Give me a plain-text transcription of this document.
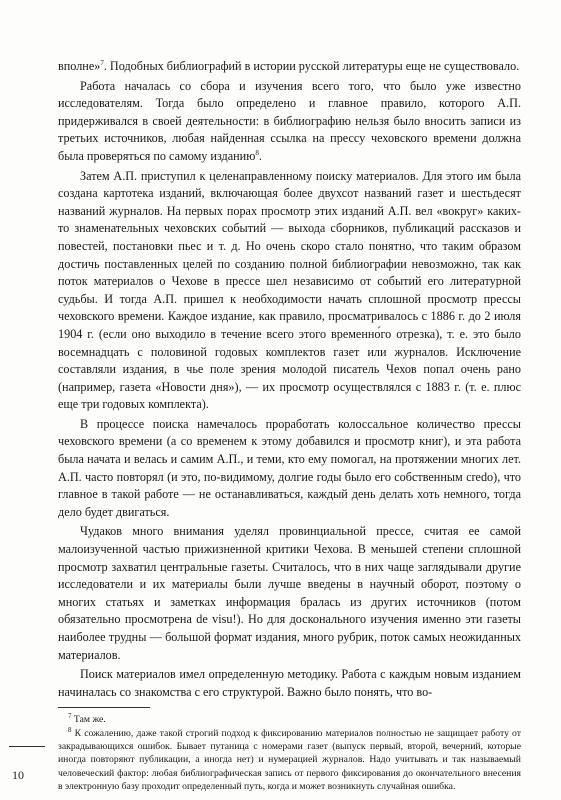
вполне»$^7$. Подобных библиографий в истории русской литературы еще не существовало.

Работа началась со сбора и изучения всего того, что было уже известно исследователям. Тогда было определено и главное правило, которого А.П. придерживался в своей деятельности: в библиографию нельзя было вносить записи из третьих источников, любая найденная ссылка на прессу чеховского времени должна была проверяться по самому изданию$^8$.

Затем А.П. приступил к целенаправленному поиску материалов. Для этого им была создана картотека изданий, включающая более двухсот названий газет и шестьдесят названий журналов. На первых порах просмотр этих изданий А.П. вел «вокруг» каких-то знаменательных чеховских событий — выхода сборников, публикаций рассказов и повестей, постановки пьес и т. д. Но очень скоро стало понятно, что таким образом достичь поставленных целей по созданию полной библиографии невозможно, так как поток материалов о Чехове в прессе шел независимо от событий его литературной судьбы. И тогда А.П. пришел к необходимости начать сплошной просмотр прессы чеховского времени. Каждое издание, как правило, просматривалось с 1886 г. до 2 июля 1904 г. (если оно выходило в течение всего этого временно́го отрезка), т. е. это было восемнадцать с половиной годовых комплектов газет или журналов. Исключение составляли издания, в чье поле зрения молодой писатель Чехов попал очень рано (например, газета «Новости дня»), — их просмотр осуществлялся с 1883 г. (т. е. плюс еще три годовых комплекта).

В процессе поиска намечалось проработать колоссальное количество прессы чеховского времени (а со временем к этому добавился и просмотр книг), и эта работа была начата и велась и самим А.П., и теми, кто ему помогал, на протяжении многих лет. А.П. часто повторял (и это, по-видимому, долгие годы было его собственным credo), что главное в такой работе — не останавливаться, каждый день делать хоть немного, тогда дело будет двигаться.

Чудаков много внимания уделял провинциальной прессе, считая ее самой малоизученной частью прижизненной критики Чехова. В меньшей степени сплошной просмотр захватил центральные газеты. Считалось, что в них чаще заглядывали другие исследователи и их материалы были лучше введены в научный оборот, поэтому о многих статьях и заметках информация бралась из других источников (потом обязательно просмотрена de visu!). Но для досконального изучения именно эти газеты наиболее трудны — большой формат издания, много рубрик, поток самых неожиданных материалов.

Поиск материалов имел определенную методику. Работа с каждым новым изданием начиналась со знакомства с его структурой. Важно было понять, что во-

$^7$ Там же.

$^8$ К сожалению, даже такой строгий подход к фиксированию материалов полностью не защищает работу от закрадывающихся ошибок. Бывает путаница с номерами газет (выпуск первый, второй, вечерний, которые иногда повторяют публикации, а иногда нет) и нумерацией журналов. Надо учитывать и так называемый человеческий фактор: любая библиографическая запись от первого фиксирования до окончательного внесения в электронную базу проходит определенный путь, когда и может возникнуть случайная ошибка.

10
